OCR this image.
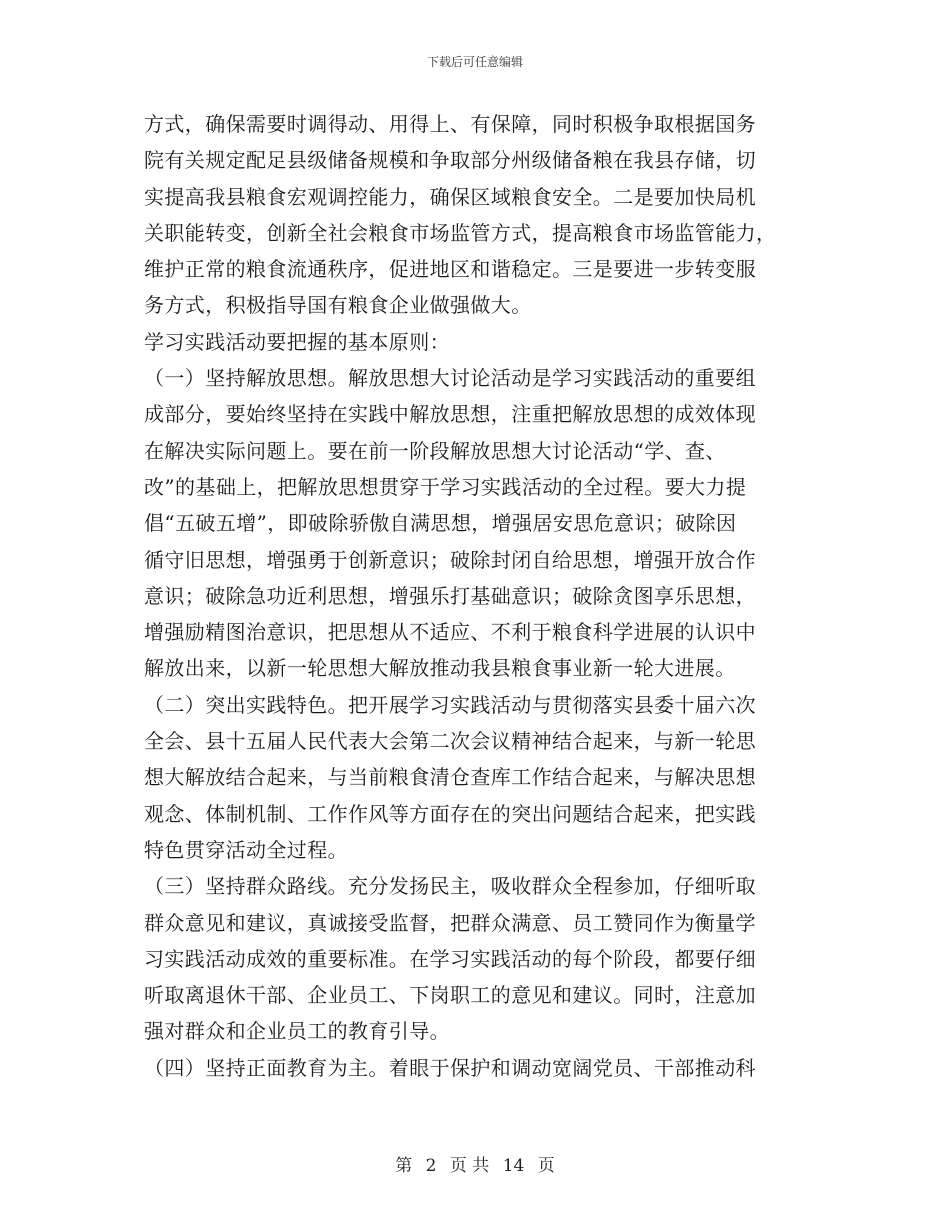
下载后可任意编辑
方式，确保需要时调得动、用得上、有保障，同时积极争取根据国务
院有关规定配足县级储备规模和争取部分州级储备粮在我县存储，切
实提高我县粮食宏观调控能力，确保区域粮食安全。二是要加快局机
关职能转变，创新全社会粮食市场监管方式，提高粮食市场监管能力，
维护正常的粮食流通秩序，促进地区和谐稳定。三是要进一步转变服
务方式，积极指导国有粮食企业做强做大。
学习实践活动要把握的基本原则：
（一）坚持解放思想。解放思想大讨论活动是学习实践活动的重要组
成部分，要始终坚持在实践中解放思想，注重把解放思想的成效体现
在解决实际问题上。要在前一阶段解放思想大讨论活动“学、查、
改”的基础上，把解放思想贯穿于学习实践活动的全过程。要大力提
倡“五破五增”，即破除骄傲自满思想，增强居安思危意识；破除因
循守旧思想，增强勇于创新意识；破除封闭自给思想，增强开放合作
意识；破除急功近利思想，增强乐打基础意识；破除贪图享乐思想，
增强励精图治意识，把思想从不适应、不利于粮食科学进展的认识中
解放出来，以新一轮思想大解放推动我县粮食事业新一轮大进展。
（二）突出实践特色。把开展学习实践活动与贯彻落实县委十届六次
全会、县十五届人民代表大会第二次会议精神结合起来，与新一轮思
想大解放结合起来，与当前粮食清仓查库工作结合起来，与解决思想
观念、体制机制、工作作风等方面存在的突出问题结合起来，把实践
特色贯穿活动全过程。
（三）坚持群众路线。充分发扬民主，吸收群众全程参加，仔细听取
群众意见和建议，真诚接受监督，把群众满意、员工赞同作为衡量学
习实践活动成效的重要标准。在学习实践活动的每个阶段，都要仔细
听取离退休干部、企业员工、下岗职工的意见和建议。同时，注意加
强对群众和企业员工的教育引导。
（四）坚持正面教育为主。着眼于保护和调动宽阔党员、干部推动科
第 2 页 共 14 页
